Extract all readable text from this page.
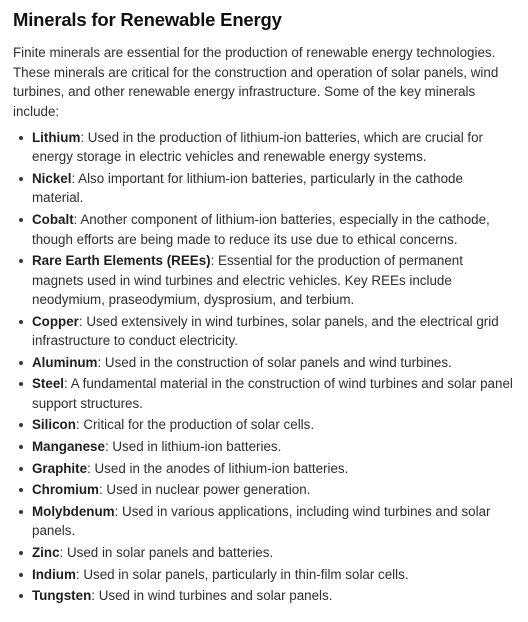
Minerals for Renewable Energy

Finite minerals are essential for the production of renewable energy technologies. These minerals are critical for the construction and operation of solar panels, wind turbines, and other renewable energy infrastructure. Some of the key minerals include:

Lithium: Used in the production of lithium-ion batteries, which are crucial for energy storage in electric vehicles and renewable energy systems.
Nickel: Also important for lithium-ion batteries, particularly in the cathode material.
Cobalt: Another component of lithium-ion batteries, especially in the cathode, though efforts are being made to reduce its use due to ethical concerns.
Rare Earth Elements (REEs): Essential for the production of permanent magnets used in wind turbines and electric vehicles. Key REEs include neodymium, praseodymium, dysprosium, and terbium.
Copper: Used extensively in wind turbines, solar panels, and the electrical grid infrastructure to conduct electricity.
Aluminum: Used in the construction of solar panels and wind turbines.
Steel: A fundamental material in the construction of wind turbines and solar panel support structures.
Silicon: Critical for the production of solar cells.
Manganese: Used in lithium-ion batteries.
Graphite: Used in the anodes of lithium-ion batteries.
Chromium: Used in nuclear power generation.
Molybdenum: Used in various applications, including wind turbines and solar panels.
Zinc: Used in solar panels and batteries.
Indium: Used in solar panels, particularly in thin-film solar cells.
Tungsten: Used in wind turbines and solar panels.
